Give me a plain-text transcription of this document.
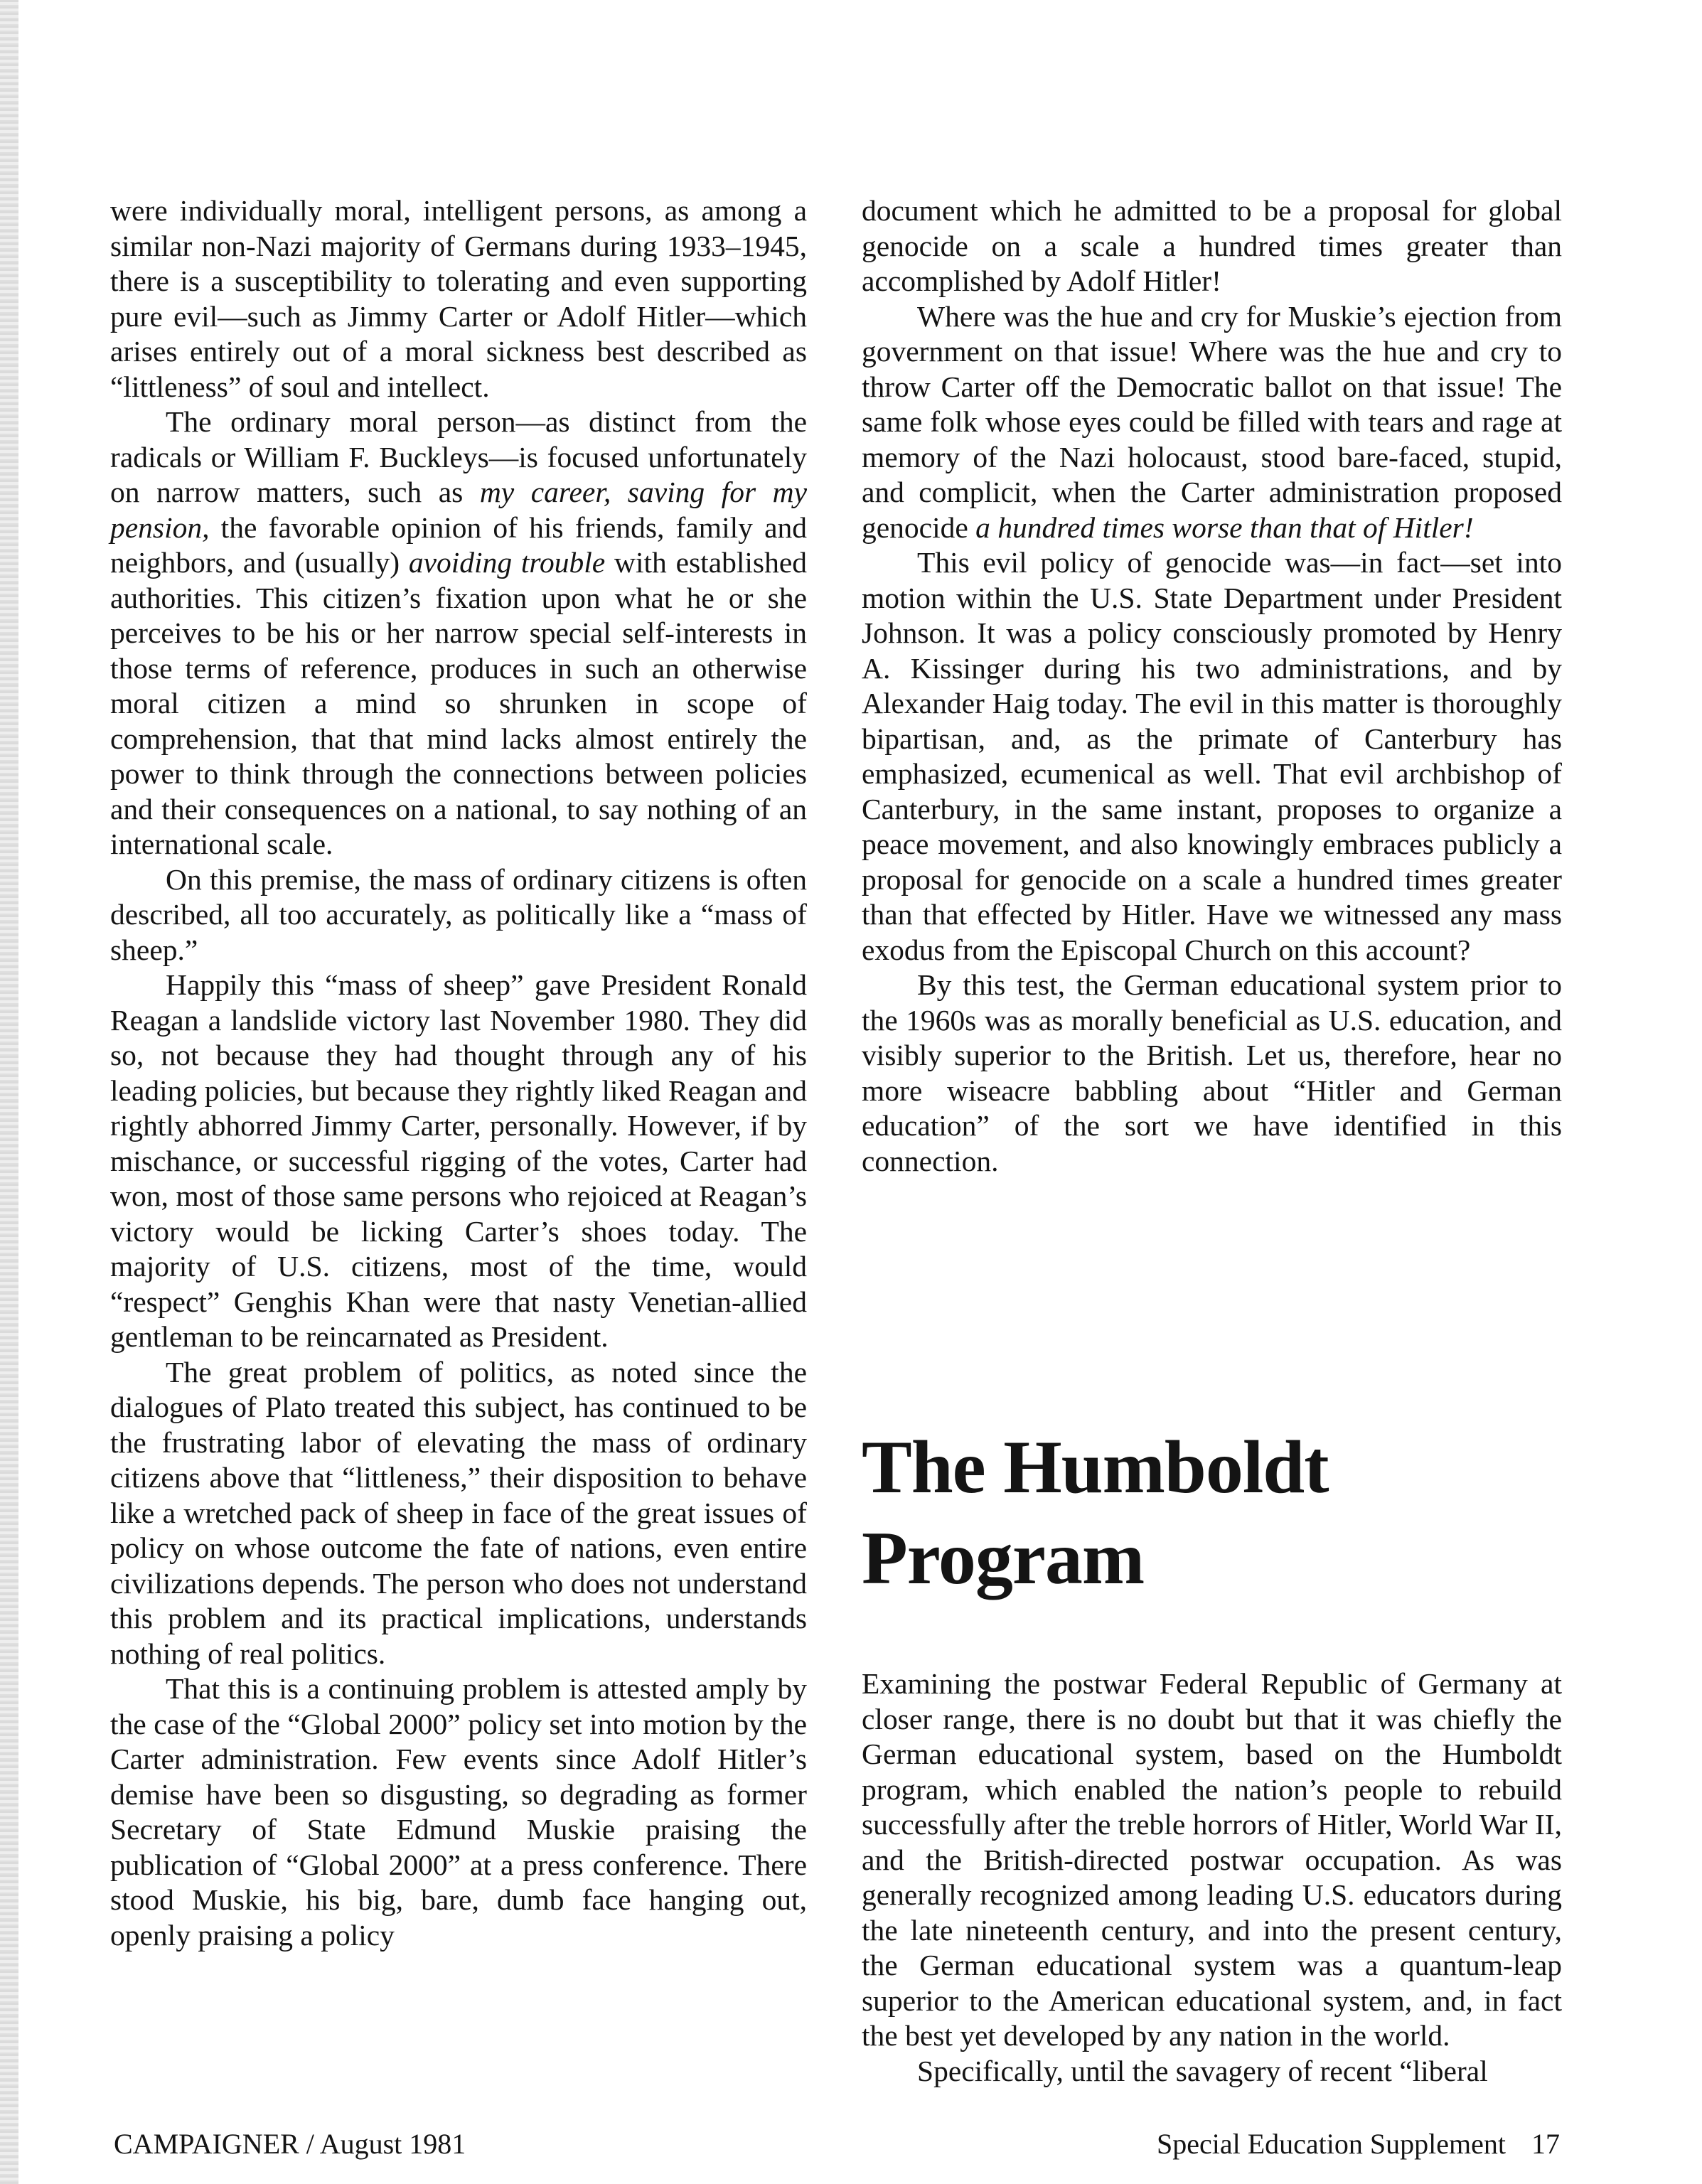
were individually moral, intelligent persons, as among a similar non-Nazi majority of Germans during 1933–1945, there is a susceptibility to tolerating and even supporting pure evil—such as Jimmy Carter or Adolf Hitler—which arises entirely out of a moral sickness best described as “littleness” of soul and intellect.

The ordinary moral person—as distinct from the radicals or William F. Buckleys—is focused unfortunately on narrow matters, such as my career, saving for my pension, the favorable opinion of his friends, family and neighbors, and (usually) avoiding trouble with established authorities. This citizen’s fixation upon what he or she perceives to be his or her narrow special self-interests in those terms of reference, produces in such an otherwise moral citizen a mind so shrunken in scope of comprehension, that that mind lacks almost entirely the power to think through the connections between policies and their consequences on a national, to say nothing of an international scale.

On this premise, the mass of ordinary citizens is often described, all too accurately, as politically like a “mass of sheep.”

Happily this “mass of sheep” gave President Ronald Reagan a landslide victory last November 1980. They did so, not because they had thought through any of his leading policies, but because they rightly liked Reagan and rightly abhorred Jimmy Carter, personally. However, if by mischance, or successful rigging of the votes, Carter had won, most of those same persons who rejoiced at Reagan’s victory would be licking Carter’s shoes today. The majority of U.S. citizens, most of the time, would “respect” Genghis Khan were that nasty Venetian-allied gentleman to be reincarnated as President.

The great problem of politics, as noted since the dialogues of Plato treated this subject, has continued to be the frustrating labor of elevating the mass of ordinary citizens above that “littleness,” their disposition to behave like a wretched pack of sheep in face of the great issues of policy on whose outcome the fate of nations, even entire civilizations depends. The person who does not understand this problem and its practical implications, understands nothing of real politics.

That this is a continuing problem is attested amply by the case of the “Global 2000” policy set into motion by the Carter administration. Few events since Adolf Hitler’s demise have been so disgusting, so degrading as former Secretary of State Edmund Muskie praising the publication of “Global 2000” at a press conference. There stood Muskie, his big, bare, dumb face hanging out, openly praising a policy

document which he admitted to be a proposal for global genocide on a scale a hundred times greater than accomplished by Adolf Hitler!

Where was the hue and cry for Muskie’s ejection from government on that issue! Where was the hue and cry to throw Carter off the Democratic ballot on that issue! The same folk whose eyes could be filled with tears and rage at memory of the Nazi holocaust, stood bare-faced, stupid, and complicit, when the Carter administration proposed genocide a hundred times worse than that of Hitler!

This evil policy of genocide was—in fact—set into motion within the U.S. State Department under President Johnson. It was a policy consciously promoted by Henry A. Kissinger during his two administrations, and by Alexander Haig today. The evil in this matter is thoroughly bipartisan, and, as the primate of Canterbury has emphasized, ecumenical as well. That evil archbishop of Canterbury, in the same instant, proposes to organize a peace movement, and also knowingly embraces publicly a proposal for genocide on a scale a hundred times greater than that effected by Hitler. Have we witnessed any mass exodus from the Episcopal Church on this account?

By this test, the German educational system prior to the 1960s was as morally beneficial as U.S. education, and visibly superior to the British. Let us, therefore, hear no more wiseacre babbling about “Hitler and German education” of the sort we have identified in this connection.

The Humboldt
Program

Examining the postwar Federal Republic of Germany at closer range, there is no doubt but that it was chiefly the German educational system, based on the Humboldt program, which enabled the nation’s people to rebuild successfully after the treble horrors of Hitler, World War II, and the British-directed postwar occupation. As was generally recognized among leading U.S. educators during the late nineteenth century, and into the present century, the German educational system was a quantum-leap superior to the American educational system, and, in fact the best yet developed by any nation in the world.

Specifically, until the savagery of recent “liberal

CAMPAIGNER / August 1981	Special Education Supplement 17
